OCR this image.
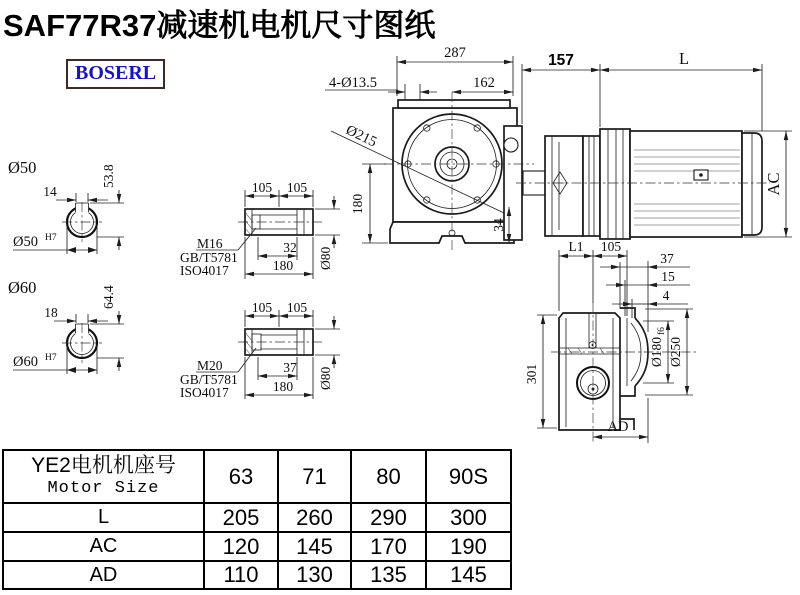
SAF77R37减速机电机尺寸图纸
BOSERL
287
162
4-Ø13.5
Ø215
180
34
157	L
AC
Ø50
14
53.8
Ø50 H7
Ø60
18
64.4
Ø60 H7
105 105
32
180
M16
GB/T5781
ISO4017
Ø80
105 105
37
180
M20
GB/T5781
ISO4017
Ø80
L1 105
37
15
4
301
Ø180
f6
Ø250
AD
YE2电机机座号
Motor Size	63	71	80	90S
L	205	260	290	300
AC	120	145	170	190
AD	110	130	135	145
